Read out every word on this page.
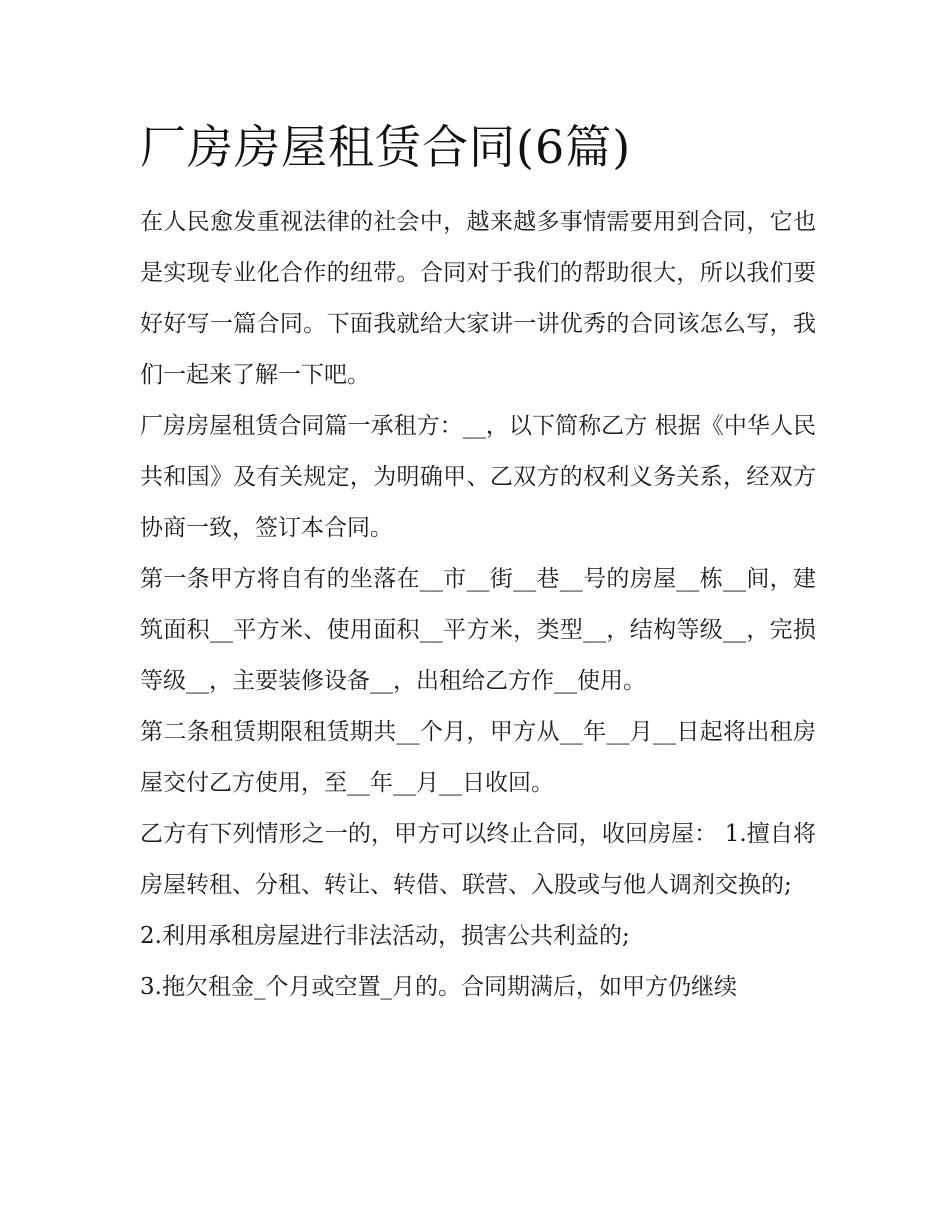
厂房房屋租赁合同(6篇)

在人民愈发重视法律的社会中，越来越多事情需要用到合同，它也是实现专业化合作的纽带。合同对于我们的帮助很大，所以我们要好好写一篇合同。下面我就给大家讲一讲优秀的合同该怎么写，我们一起来了解一下吧。

厂房房屋租赁合同篇一承租方：__，以下简称乙方 根据《中华人民共和国》及有关规定，为明确甲、乙双方的权利义务关系，经双方协商一致，签订本合同。

第一条甲方将自有的坐落在__市__街__巷__号的房屋__栋__间，建筑面积__平方米、使用面积__平方米，类型__，结构等级__，完损等级__，主要装修设备__，出租给乙方作__使用。

第二条租赁期限租赁期共__个月，甲方从__年__月__日起将出租房屋交付乙方使用，至__年__月__日收回。

乙方有下列情形之一的，甲方可以终止合同，收回房屋： 1.擅自将房屋转租、分租、转让、转借、联营、入股或与他人调剂交换的;

2.利用承租房屋进行非法活动，损害公共利益的;

3.拖欠租金_个月或空置_月的。合同期满后，如甲方仍继续
